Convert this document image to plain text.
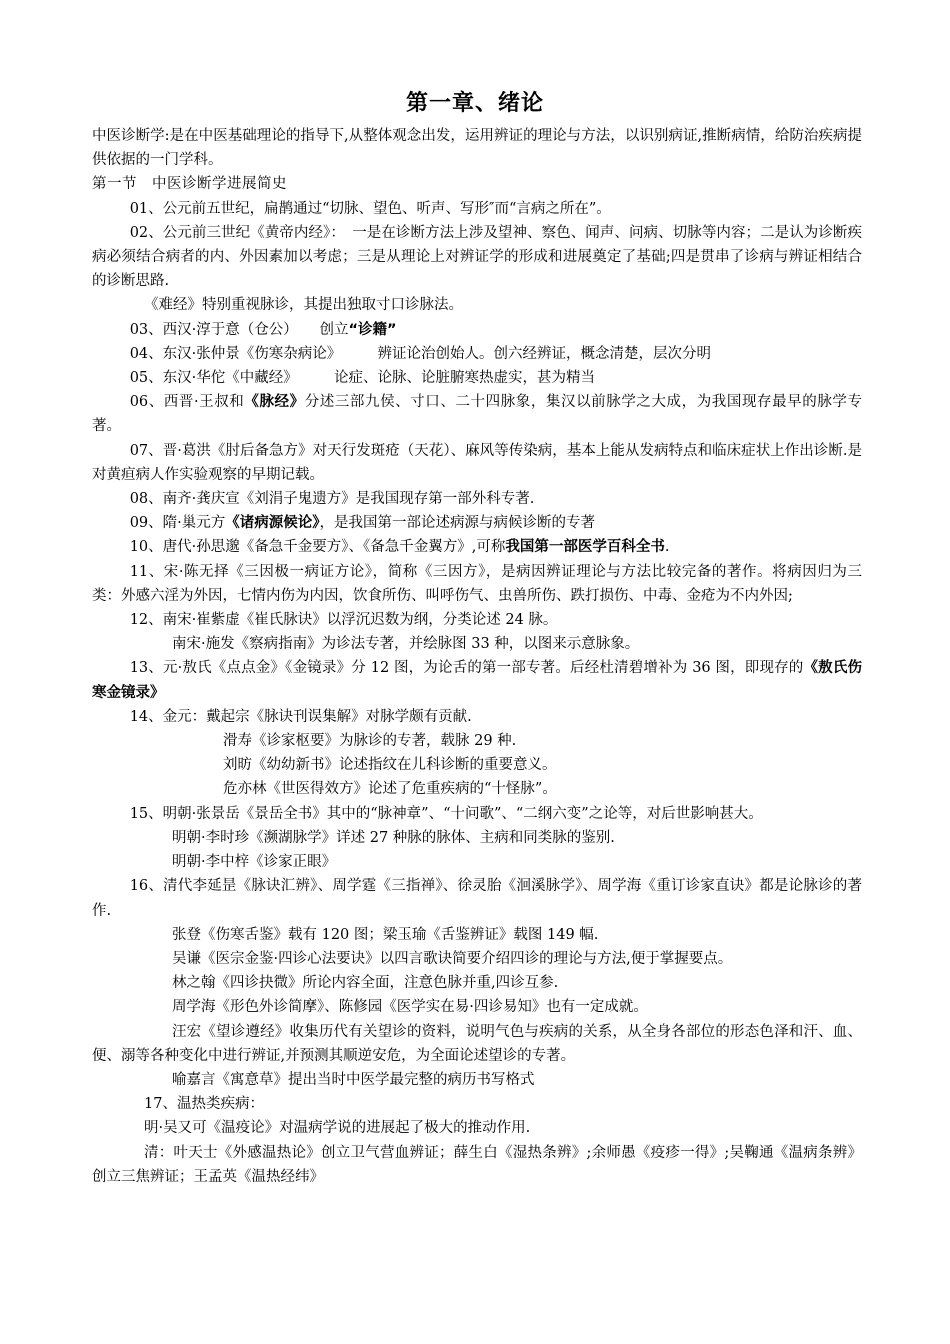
第一章、绪论

中医诊断学:是在中医基础理论的指导下,从整体观念出发，运用辨证的理论与方法，以识别病证,推断病情，给防治疾病提供依据的一门学科。

第一节　中医诊断学进展简史

01、公元前五世纪，扁鹊通过“切脉、望色、听声、写形″而“言病之所在”。

02、公元前三世纪《黄帝内经》：　一是在诊断方法上涉及望神、察色、闻声、问病、切脉等内容；二是认为诊断疾病必须结合病者的内、外因素加以考虑；三是从理论上对辨证学的形成和进展奠定了基础;四是贯串了诊病与辨证相结合的诊断思路.

《难经》特别重视脉诊，其提出独取寸口诊脉法。

03、西汉·淳于意（仓公）　　创立“诊籍”

04、东汉·张仲景《伤寒杂病论》　　　辨证论治创始人。创六经辨证，概念清楚，层次分明

05、东汉·华佗《中藏经》　　　论症、论脉、论脏腑寒热虚实，甚为精当

06、西晋·王叔和《脉经》分述三部九侯、寸口、二十四脉象，集汉以前脉学之大成，为我国现存最早的脉学专著。

07、晋·葛洪《肘后备急方》对天行发斑疮（天花）、麻风等传染病，基本上能从发病特点和临床症状上作出诊断.是对黄疸病人作实验观察的早期记载。

08、南齐·龚庆宣《刘涓子鬼遗方》是我国现存第一部外科专著.

09、隋·巢元方《诸病源候论》，是我国第一部论述病源与病候诊断的专著

10、唐代·孙思邈《备急千金要方》、《备急千金翼方》,可称我国第一部医学百科全书.

11、宋·陈无择《三因极一病证方论》，简称《三因方》，是病因辨证理论与方法比较完备的著作。将病因归为三类：外感六淫为外因，七情内伤为内因，饮食所伤、叫呼伤气、虫兽所伤、跌打损伤、中毒、金疮为不内外因;

12、南宋·崔紫虚《崔氏脉诀》以浮沉迟数为纲，分类论述 24 脉。

南宋·施发《察病指南》为诊法专著，并绘脉图 33 种，以图来示意脉象。

13、元·敖氏《点点金》《金镜录》分 12 图，为论舌的第一部专著。后经杜清碧增补为 36 图，即现存的《敖氏伤寒金镜录》

14、金元：戴起宗《脉诀刊误集解》对脉学颇有贡献.

滑寿《诊家枢要》为脉诊的专著，载脉 29 种.

刘昉《幼幼新书》论述指纹在儿科诊断的重要意义。

危亦林《世医得效方》论述了危重疾病的“十怪脉”。

15、明朝·张景岳《景岳全书》其中的“脉神章”、“十问歌”、“二纲六变”之论等，对后世影响甚大。

明朝·李时珍《濒湖脉学》详述 27 种脉的脉体、主病和同类脉的鉴别.

明朝·李中梓《诊家正眼》

16、清代李延昰《脉诀汇辨》、周学霆《三指禅》、徐灵胎《洄溪脉学》、周学海《重订诊家直诀》都是论脉诊的著作.

张登《伤寒舌鉴》载有 120 图；梁玉瑜《舌鉴辨证》载图 149 幅.

吴谦《医宗金鉴·四诊心法要诀》以四言歌诀简要介绍四诊的理论与方法,便于掌握要点。

林之翰《四诊抉微》所论内容全面，注意色脉并重,四诊互参.

周学海《形色外诊简摩》、陈修园《医学实在易·四诊易知》也有一定成就。

汪宏《望诊遵经》收集历代有关望诊的资料，说明气色与疾病的关系，从全身各部位的形态色泽和汗、血、便、溺等各种变化中进行辨证,并预测其顺逆安危，为全面论述望诊的专著。

喻嘉言《寓意草》提出当时中医学最完整的病历书写格式

17、温热类疾病：

明·吴又可《温疫论》对温病学说的进展起了极大的推动作用.

清：叶天士《外感温热论》创立卫气营血辨证；薛生白《湿热条辨》;余师愚《疫疹一得》;吴鞠通《温病条辨》创立三焦辨证；王孟英《温热经纬》
